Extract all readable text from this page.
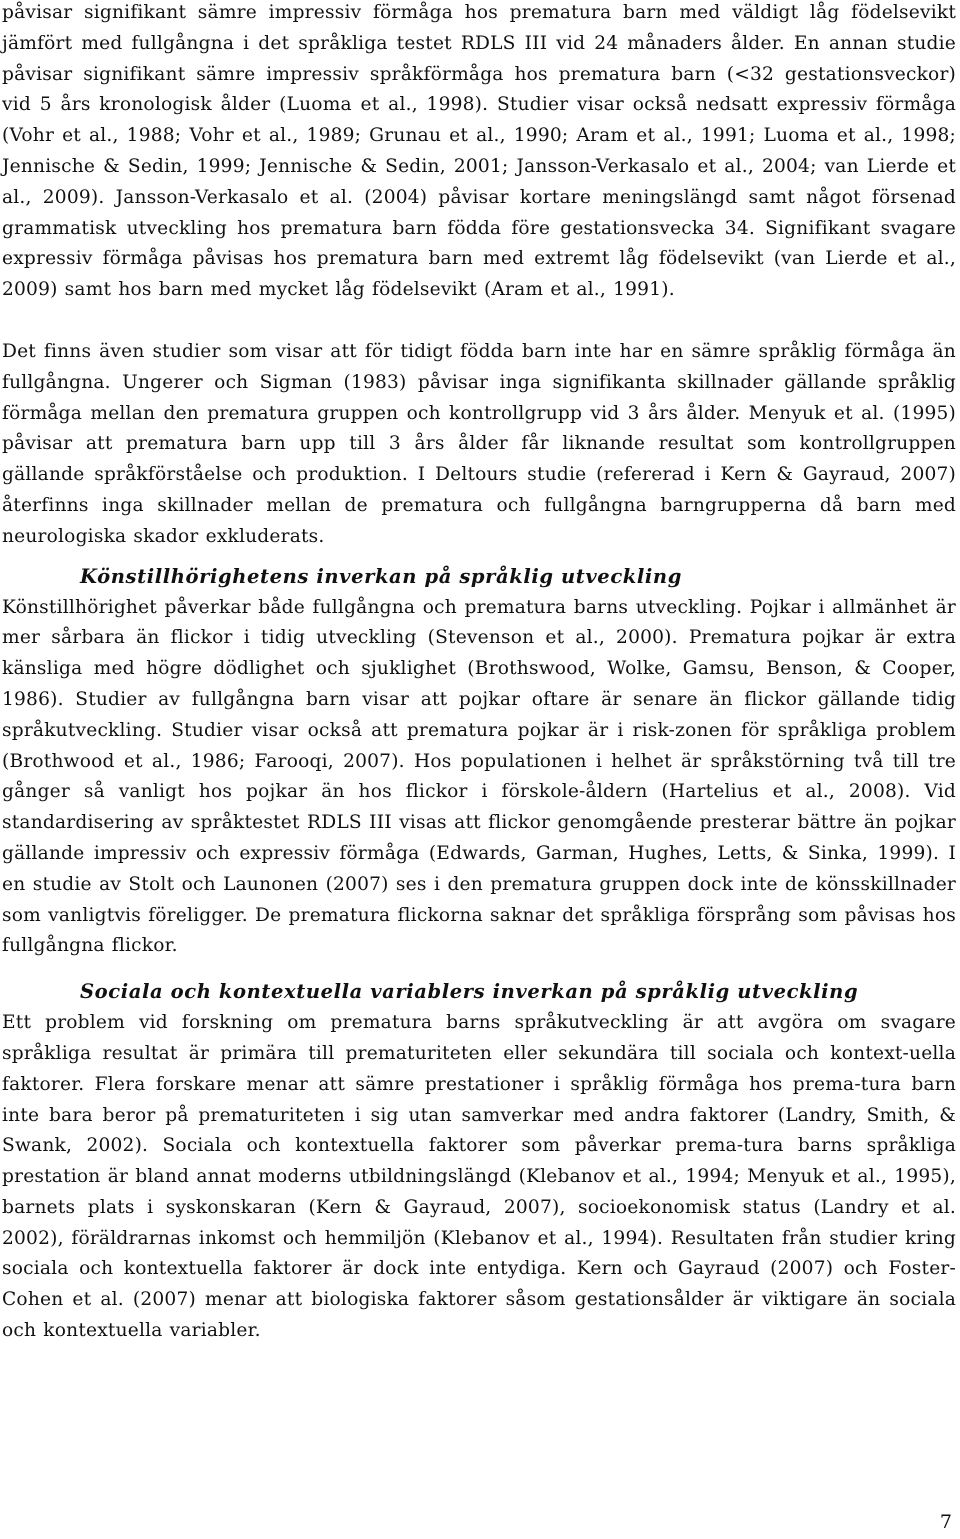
påvisar signifikant sämre impressiv förmåga hos prematura barn med väldigt låg födelsevikt jämfört med fullgångna i det språkliga testet RDLS III vid 24 månaders ålder. En annan studie påvisar signifikant sämre impressiv språkförmåga hos prematura barn (<32 gestationsveckor) vid 5 års kronologisk ålder (Luoma et al., 1998). Studier visar också nedsatt expressiv förmåga (Vohr et al., 1988; Vohr et al., 1989; Grunau et al., 1990; Aram et al., 1991; Luoma et al., 1998; Jennische & Sedin, 1999; Jennische & Sedin, 2001; Jansson-Verkasalo et al., 2004; van Lierde et al., 2009). Jansson-Verkasalo et al. (2004) påvisar kortare meningslängd samt något försenad grammatisk utveckling hos prematura barn födda före gestationsvecka 34. Signifikant svagare expressiv förmåga påvisas hos prematura barn med extremt låg födelsevikt (van Lierde et al., 2009) samt hos barn med mycket låg födelsevikt (Aram et al., 1991).

Det finns även studier som visar att för tidigt födda barn inte har en sämre språklig förmåga än fullgångna. Ungerer och Sigman (1983) påvisar inga signifikanta skillnader gällande språklig förmåga mellan den prematura gruppen och kontrollgrupp vid 3 års ålder. Menyuk et al. (1995) påvisar att prematura barn upp till 3 års ålder får liknande resultat som kontrollgruppen gällande språkförståelse och produktion. I Deltours studie (refererad i Kern & Gayraud, 2007) återfinns inga skillnader mellan de prematura och fullgångna barngrupperna då barn med neurologiska skador exkluderats.

Könstillhörighetens inverkan på språklig utveckling

Könstillhörighet påverkar både fullgångna och prematura barns utveckling. Pojkar i allmänhet är mer sårbara än flickor i tidig utveckling (Stevenson et al., 2000). Prematura pojkar är extra känsliga med högre dödlighet och sjuklighet (Brothswood, Wolke, Gamsu, Benson, & Cooper, 1986). Studier av fullgångna barn visar att pojkar oftare är senare än flickor gällande tidig språkutveckling. Studier visar också att prematura pojkar är i risk-zonen för språkliga problem (Brothwood et al., 1986; Farooqi, 2007). Hos populationen i helhet är språkstörning två till tre gånger så vanligt hos pojkar än hos flickor i förskole-åldern (Hartelius et al., 2008). Vid standardisering av språktestet RDLS III visas att flickor genomgående presterar bättre än pojkar gällande impressiv och expressiv förmåga (Edwards, Garman, Hughes, Letts, & Sinka, 1999). I en studie av Stolt och Launonen (2007) ses i den prematura gruppen dock inte de könsskillnader som vanligtvis föreligger. De prematura flickorna saknar det språkliga försprång som påvisas hos fullgångna flickor.

Sociala och kontextuella variablers inverkan på språklig utveckling

Ett problem vid forskning om prematura barns språkutveckling är att avgöra om svagare språkliga resultat är primära till prematuriteten eller sekundära till sociala och kontext-uella faktorer. Flera forskare menar att sämre prestationer i språklig förmåga hos prema-tura barn inte bara beror på prematuriteten i sig utan samverkar med andra faktorer (Landry, Smith, & Swank, 2002). Sociala och kontextuella faktorer som påverkar prema-tura barns språkliga prestation är bland annat moderns utbildningslängd (Klebanov et al., 1994; Menyuk et al., 1995), barnets plats i syskonskaran (Kern & Gayraud, 2007), socioekonomisk status (Landry et al. 2002), föräldrarnas inkomst och hemmiljön (Klebanov et al., 1994). Resultaten från studier kring sociala och kontextuella faktorer är dock inte entydiga. Kern och Gayraud (2007) och Foster-Cohen et al. (2007) menar att biologiska faktorer såsom gestationsålder är viktigare än sociala och kontextuella variabler.

7
